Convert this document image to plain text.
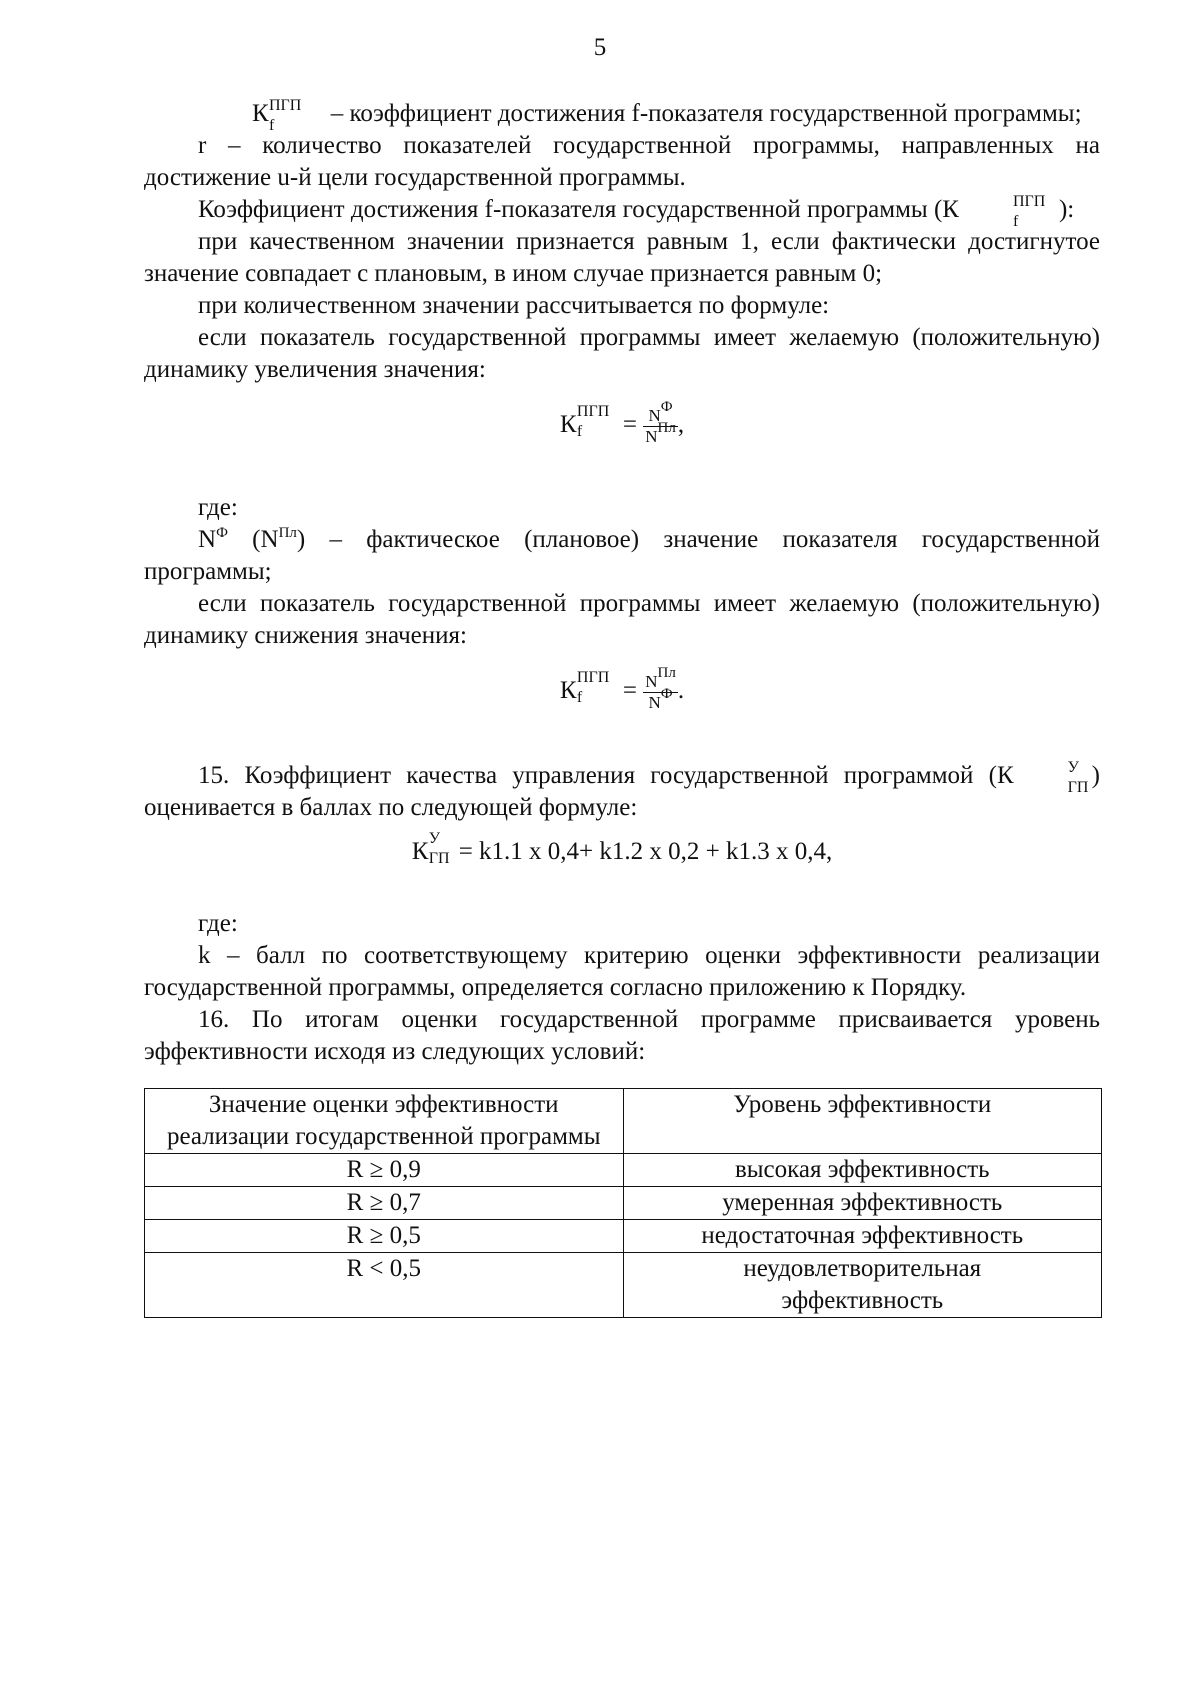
5

К ПГП
f – коэффициент достижения f-показателя государственной программы;

r – количество показателей государственной программы, направленных на достижение u-й цели государственной программы.

Коэффициент достижения f-показателя государственной программы (К	ПГП
f ):

при качественном значении признается равным 1, если фактически достигнутое значение совпадает с плановым, в ином случае признается равным 0;

при количественном значении рассчитывается по формуле:

если показатель государственной программы имеет желаемую (положительную) динамику увеличения значения:

К ПГП
$f = \frac{NФ}{\text{NПл}}$ ,

где:

$N^Ф$ $(N^{Пл})$ – фактическое (плановое) значение показателя государственной программы;

если показатель государственной программы имеет желаемую (положительную) динамику снижения значения:

К ПГП
$f = \frac{\text{NПл}}{NФ}$ .

15. Коэффициент качества управления государственной программой (К	У
ГП ) оценивается в баллах по следующей формуле:

К У
ГП = k1.1 x 0,4+ k1.2 x 0,2 + k1.3 x 0,4,

где:

k – балл по соответствующему критерию оценки эффективности реализации государственной программы, определяется согласно приложению к Порядку.

16. По итогам оценки государственной программе присваивается уровень эффективности исходя из следующих условий:

Значение оценки эффективности реализации государственной программы	Уровень эффективности
R ≥ 0,9	высокая эффективность
R ≥ 0,7	умеренная эффективность
R ≥ 0,5	недостаточная эффективность
R < 0,5	неудовлетворительная эффективность
